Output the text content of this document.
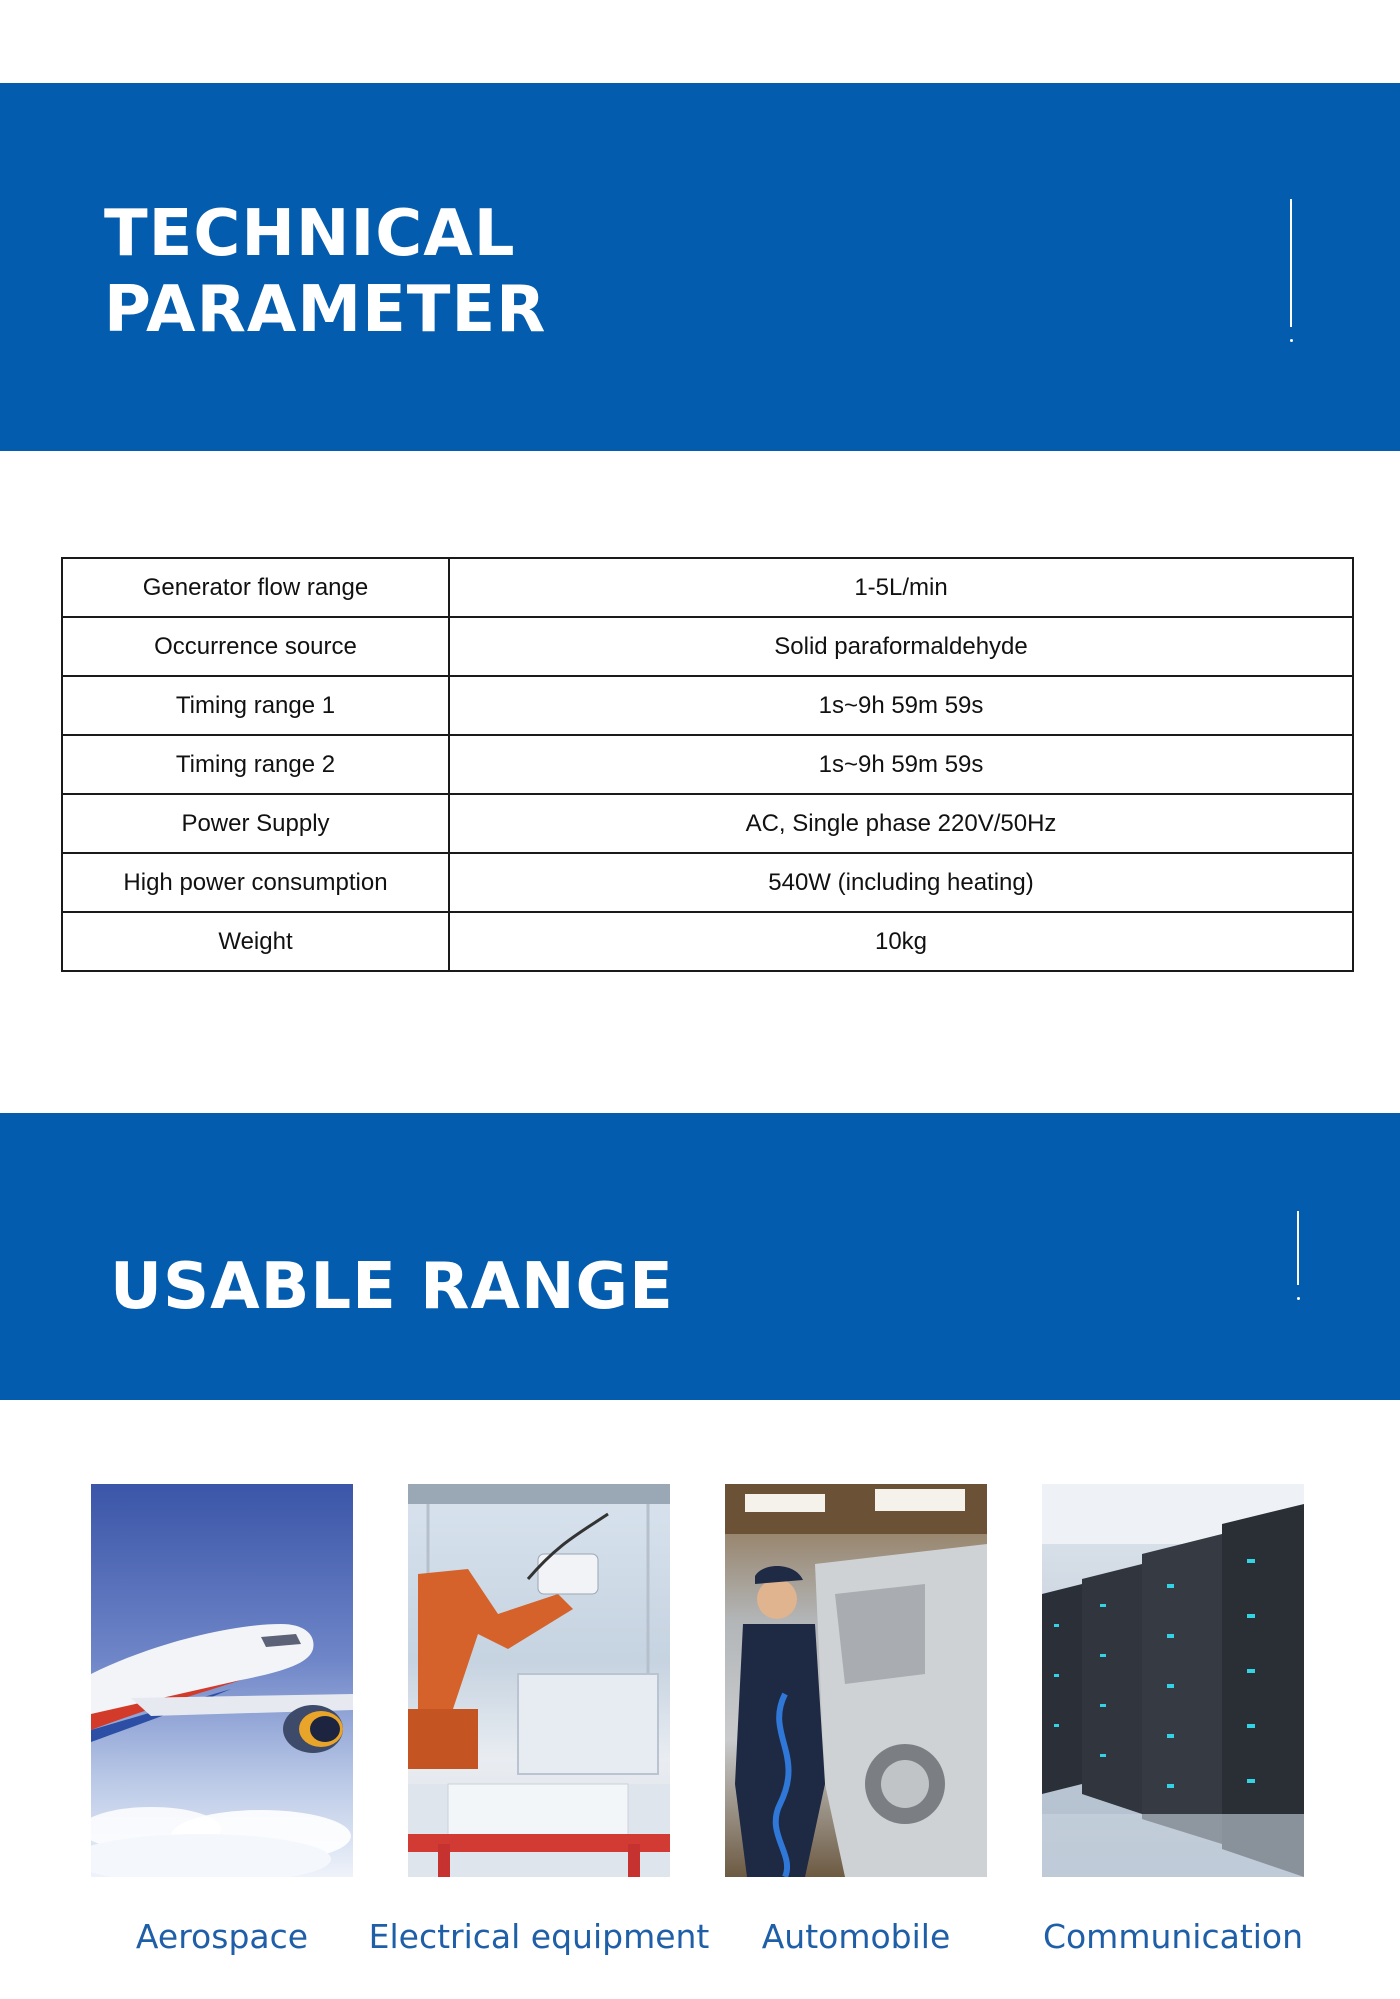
TECHNICAL
PARAMETER
Generator flow range	1-5L/min
Occurrence source	Solid paraformaldehyde
Timing range 1	1s~9h 59m 59s
Timing range 2	1s~9h 59m 59s
Power Supply	AC, Single phase 220V/50Hz
High power consumption	540W (including heating)
Weight	10kg
USABLE RANGE
Aerospace	Electrical equipment	Automobile	Communication
